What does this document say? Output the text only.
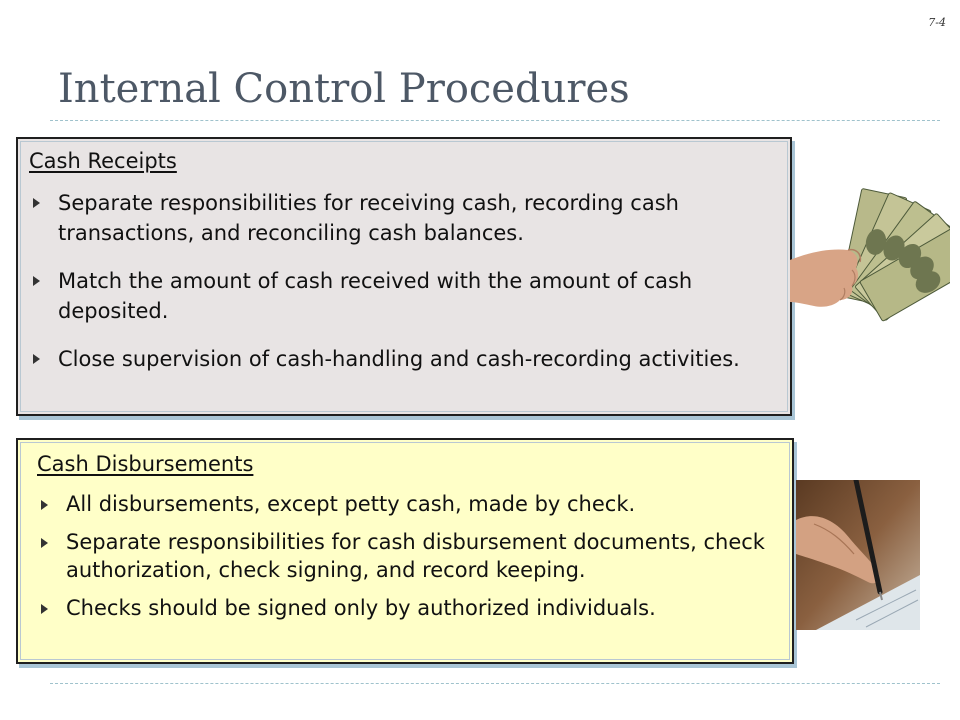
7-4
Internal Control Procedures
Cash Receipts
Separate responsibilities for receiving cash, recording cash transactions, and reconciling cash balances.
Match the amount of cash received with the amount of cash deposited.
Close supervision of cash-handling and cash-recording activities.
Cash Disbursements
All disbursements, except petty cash, made by check.
Separate responsibilities for cash disbursement documents, check authorization, check signing, and record keeping.
Checks should be signed only by authorized individuals.
